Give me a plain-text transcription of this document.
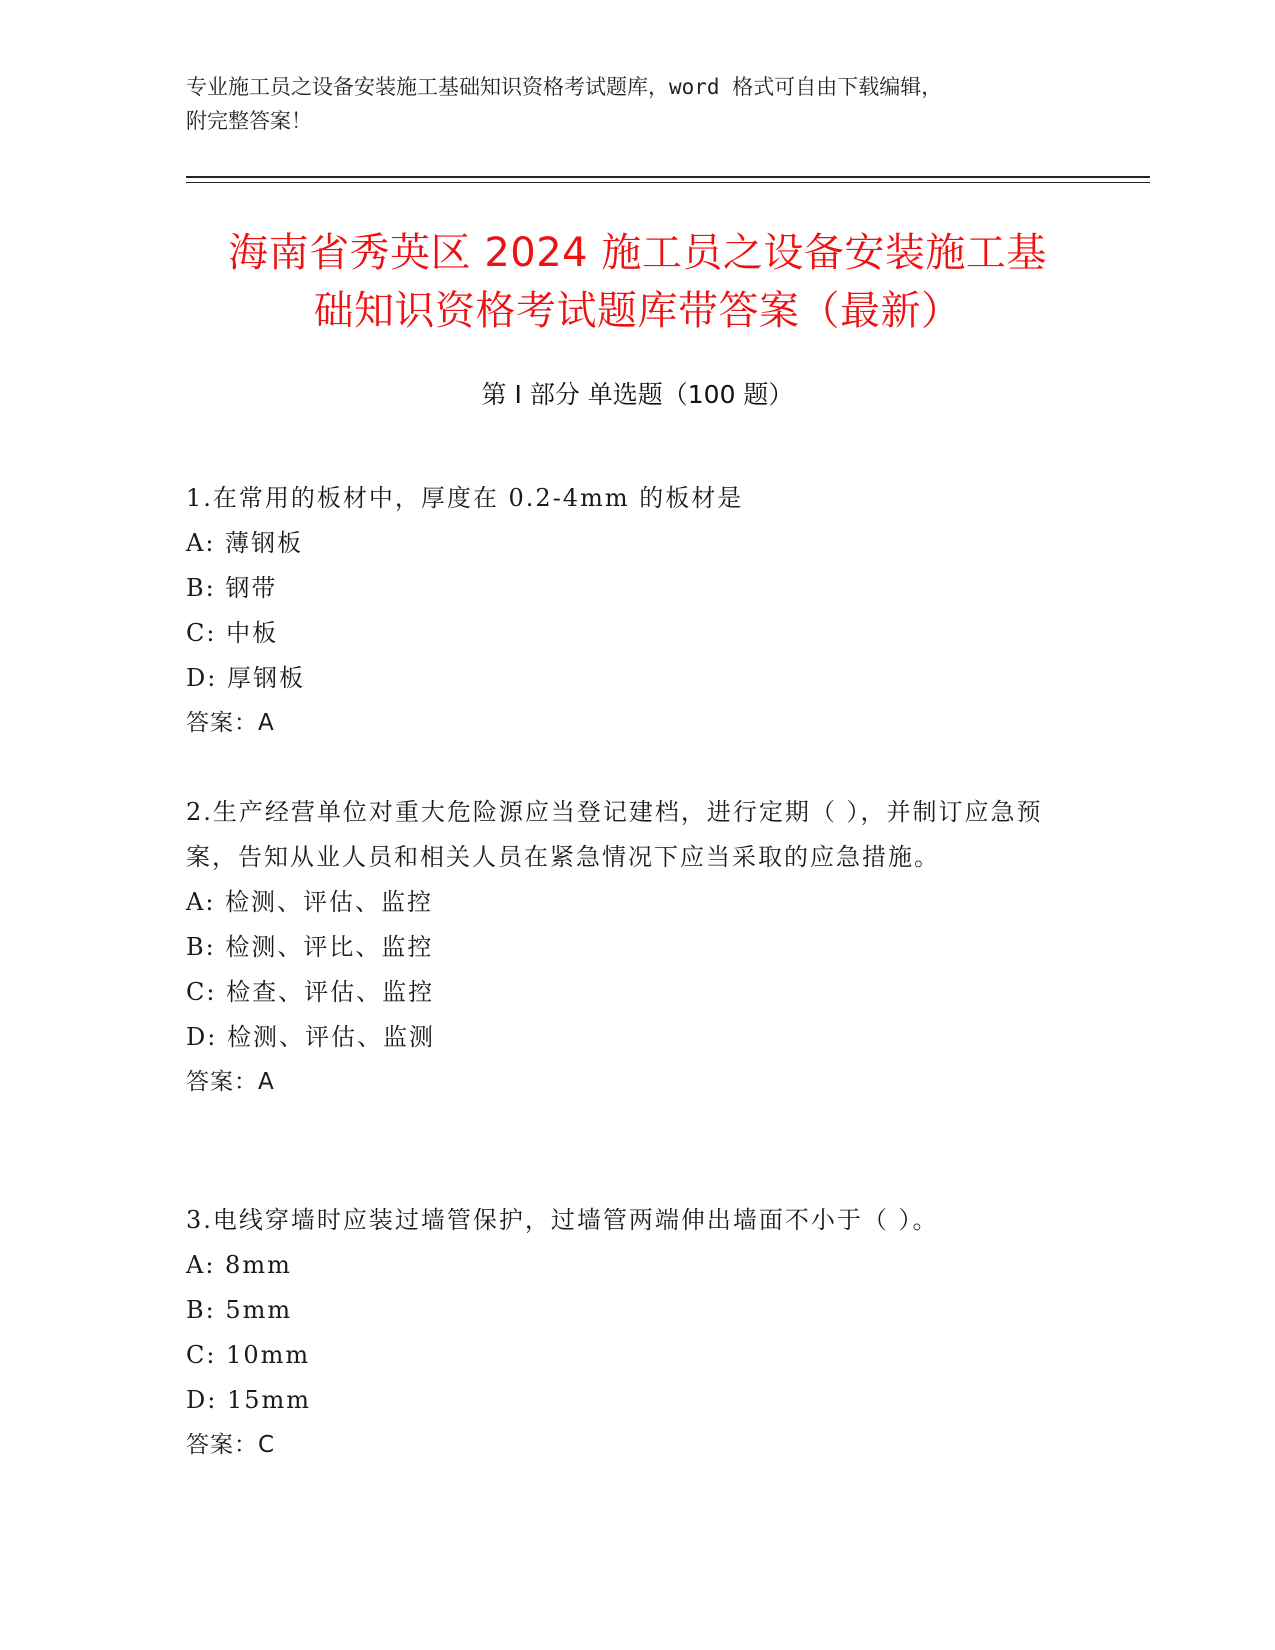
专业施工员之设备安装施工基础知识资格考试题库，word 格式可自由下载编辑，
附完整答案！
海南省秀英区 2024 施工员之设备安装施工基
础知识资格考试题库带答案（最新）
第 I 部分 单选题（100 题）
1.在常用的板材中，厚度在 0.2-4mm 的板材是
A: 薄钢板
B: 钢带
C: 中板
D: 厚钢板
答案：A
2.生产经营单位对重大危险源应当登记建档，进行定期（ ），并制订应急预案，告知从业人员和相关人员在紧急情况下应当采取的应急措施。
A: 检测、评估、监控
B: 检测、评比、监控
C: 检查、评估、监控
D: 检测、评估、监测
答案：A
3.电线穿墙时应装过墙管保护，过墙管两端伸出墙面不小于（ ）。
A: 8mm
B: 5mm
C: 10mm
D: 15mm
答案：C
